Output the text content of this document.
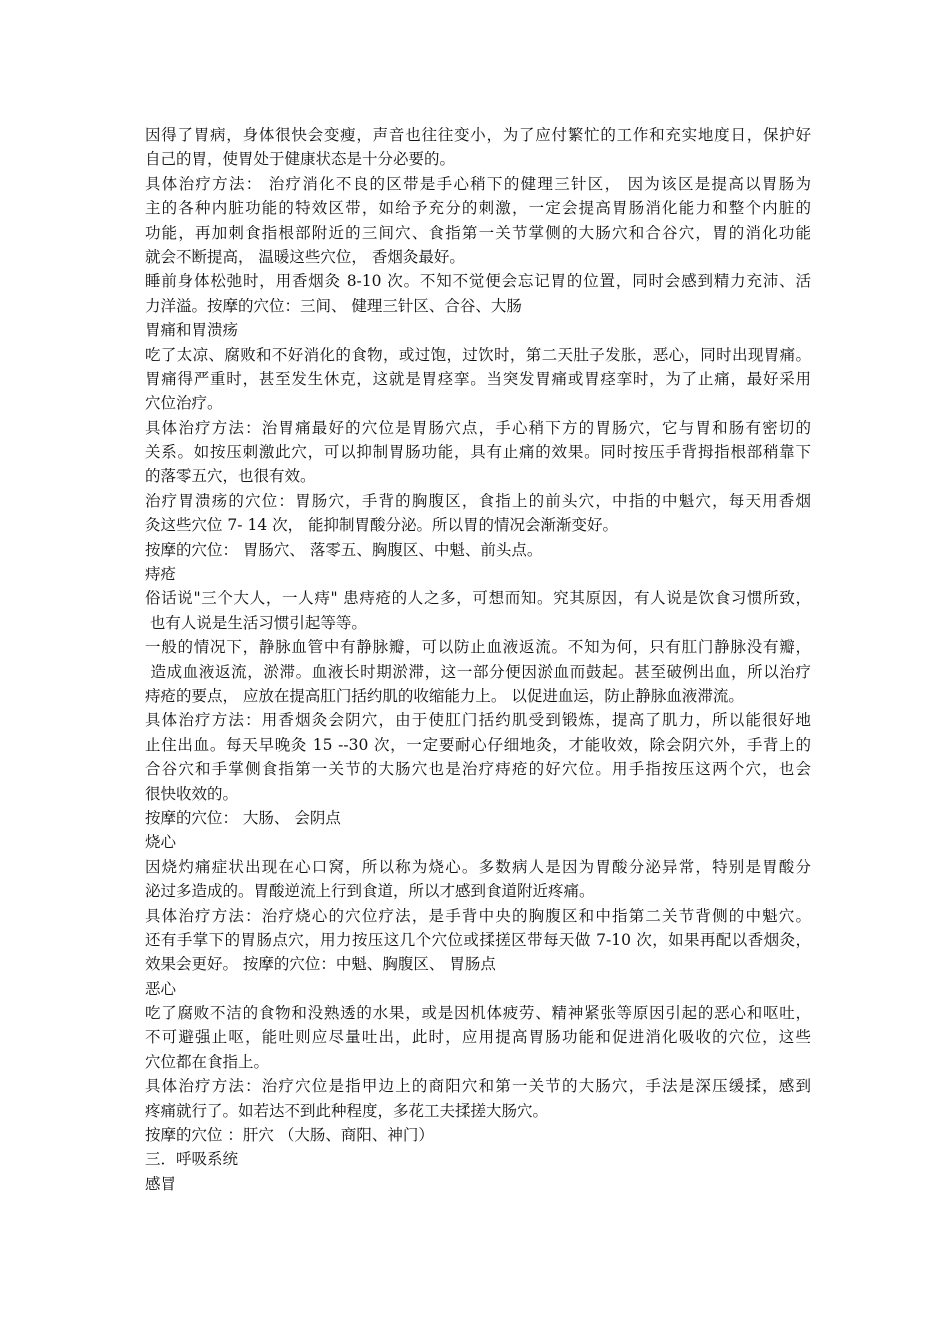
因得了胃病，身体很快会变瘦，声音也往往变小，为了应付繁忙的工作和充实地度日，保护好
自己的胃，使胃处于健康状态是十分必要的。
具体治疗方法： 治疗消化不良的区带是手心稍下的健理三针区， 因为该区是提高以胃肠为
主的各种内脏功能的特效区带，如给予充分的刺激，一定会提高胃肠消化能力和整个内脏的
功能，再加刺食指根部附近的三间穴、食指第一关节掌侧的大肠穴和合谷穴，胃的消化功能
就会不断提高， 温暖这些穴位， 香烟灸最好。
睡前身体松弛时，用香烟灸 8-10 次。不知不觉便会忘记胃的位置，同时会感到精力充沛、活
力洋溢。按摩的穴位：三间、 健理三针区、合谷、大肠
胃痛和胃溃疡
吃了太凉、腐败和不好消化的食物，或过饱，过饮时，第二天肚子发胀，恶心，同时出现胃痛。
胃痛得严重时，甚至发生休克，这就是胃痉挛。当突发胃痛或胃痉挛时，为了止痛，最好采用
穴位治疗。
具体治疗方法：治胃痛最好的穴位是胃肠穴点，手心稍下方的胃肠穴，它与胃和肠有密切的
关系。如按压刺激此穴，可以抑制胃肠功能，具有止痛的效果。同时按压手背拇指根部稍靠下
的落零五穴，也很有效。
治疗胃溃疡的穴位：胃肠穴，手背的胸腹区，食指上的前头穴，中指的中魁穴，每天用香烟
灸这些穴位 7- 14 次， 能抑制胃酸分泌。所以胃的情况会渐渐变好。
按摩的穴位： 胃肠穴、 落零五、胸腹区、中魁、前头点。
痔疮
俗话说"三个大人，一人痔" 患痔疮的人之多，可想而知。究其原因，有人说是饮食习惯所致，
也有人说是生活习惯引起等等。
一般的情况下，静脉血管中有静脉瓣，可以防止血液返流。不知为何，只有肛门静脉没有瓣，
造成血液返流，淤滞。血液长时期淤滞，这一部分便因淤血而鼓起。甚至破例出血，所以治疗
痔疮的要点， 应放在提高肛门括约肌的收缩能力上。 以促进血运，防止静脉血液滞流。
具体治疗方法：用香烟灸会阴穴，由于使肛门括约肌受到锻炼，提高了肌力，所以能很好地
止住出血。每天早晚灸 15 --30 次，一定要耐心仔细地灸，才能收效，除会阴穴外，手背上的
合谷穴和手掌侧食指第一关节的大肠穴也是治疗痔疮的好穴位。用手指按压这两个穴，也会
很快收效的。
按摩的穴位： 大肠、 会阴点
烧心
因烧灼痛症状出现在心口窝，所以称为烧心。多数病人是因为胃酸分泌异常，特别是胃酸分
泌过多造成的。胃酸逆流上行到食道，所以才感到食道附近疼痛。
具体治疗方法：治疗烧心的穴位疗法，是手背中央的胸腹区和中指第二关节背侧的中魁穴。
还有手掌下的胃肠点穴，用力按压这几个穴位或揉搓区带每天做 7-10 次，如果再配以香烟灸，
效果会更好。 按摩的穴位：中魁、胸腹区、 胃肠点
恶心
吃了腐败不洁的食物和没熟透的水果，或是因机体疲劳、精神紧张等原因引起的恶心和呕吐，
不可避强止呕，能吐则应尽量吐出，此时，应用提高胃肠功能和促进消化吸收的穴位，这些
穴位都在食指上。
具体治疗方法：治疗穴位是指甲边上的商阳穴和第一关节的大肠穴，手法是深压缓揉，感到
疼痛就行了。如若达不到此种程度，多花工夫揉搓大肠穴。
按摩的穴位 ：肝穴 （大肠、商阳、神门）
三．呼吸系统
感冒
